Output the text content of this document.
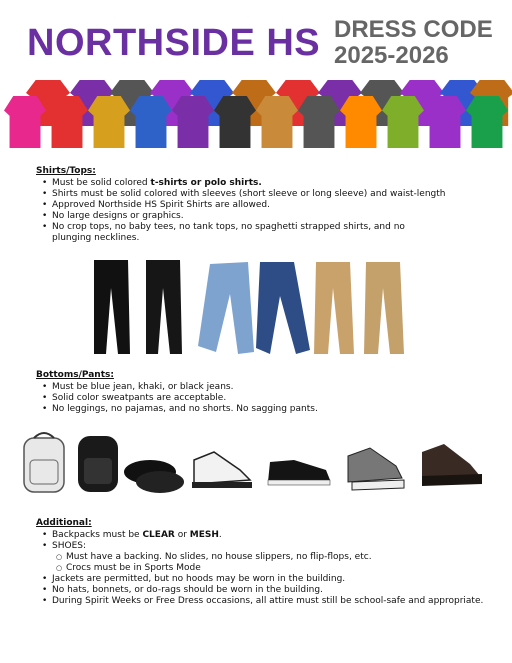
NORTHSIDE HS DRESS CODE
2025-2026
Shirts/Tops:
• Must be solid colored t-shirts or polo shirts.
• Shirts must be solid colored with sleeves (short sleeve or long sleeve) and waist-length
• Approved Northside HS Spirit Shirts are allowed.
• No large designs or graphics.
• No crop tops, no baby tees, no tank tops, no spaghetti strapped shirts, and no
plunging necklines.
Bottoms/Pants:
• Must be blue jean, khaki, or black jeans.
• Solid color sweatpants are acceptable.
• No leggings, no pajamas, and no shorts. No sagging pants.
Additional:
• Backpacks must be CLEAR or MESH.
• SHOES:
○ Must have a backing. No slides, no house slippers, no flip-flops, etc.
○ Crocs must be in Sports Mode
• Jackets are permitted, but no hoods may be worn in the building.
• No hats, bonnets, or do-rags should be worn in the building.
• During Spirit Weeks or Free Dress occasions, all attire must still be school-safe and appropriate.
